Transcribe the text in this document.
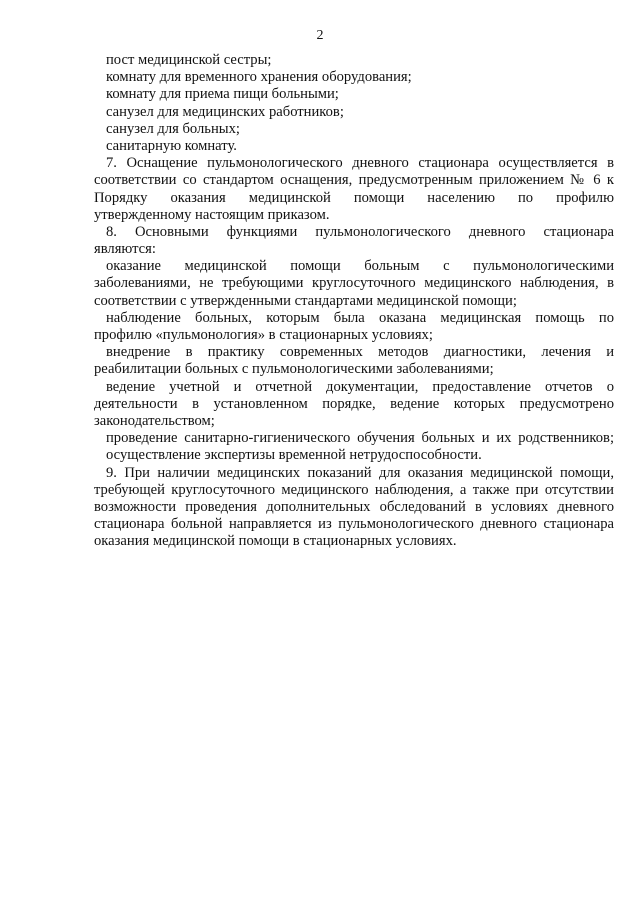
2
пост медицинской сестры;
комнату для временного хранения оборудования;
комнату для приема пищи больными;
санузел для медицинских работников;
санузел для больных;
санитарную комнату.
7. Оснащение пульмонологического дневного стационара осуществляется в
соответствии со стандартом оснащения, предусмотренным приложением № 6 к
Порядку оказания медицинской помощи населению по профилю
утвержденному настоящим приказом.
8. Основными функциями пульмонологического дневного стационара
являются:
оказание медицинской помощи больным с пульмонологическими
заболеваниями, не требующими круглосуточного медицинского наблюдения, в
соответствии с утвержденными стандартами медицинской помощи;
наблюдение больных, которым была оказана медицинская помощь по
профилю «пульмонология» в стационарных условиях;
внедрение в практику современных методов диагностики, лечения и
реабилитации больных с пульмонологическими заболеваниями;
ведение учетной и отчетной документации, предоставление отчетов о
деятельности в установленном порядке, ведение которых предусмотрено
законодательством;
проведение санитарно-гигиенического обучения больных и их родственников;
осуществление экспертизы временной нетрудоспособности.
9. При наличии медицинских показаний для оказания медицинской помощи,
требующей круглосуточного медицинского наблюдения, а также при отсутствии
возможности проведения дополнительных обследований в условиях дневного
стационара больной направляется из пульмонологического дневного стационара
оказания медицинской помощи в стационарных условиях.
